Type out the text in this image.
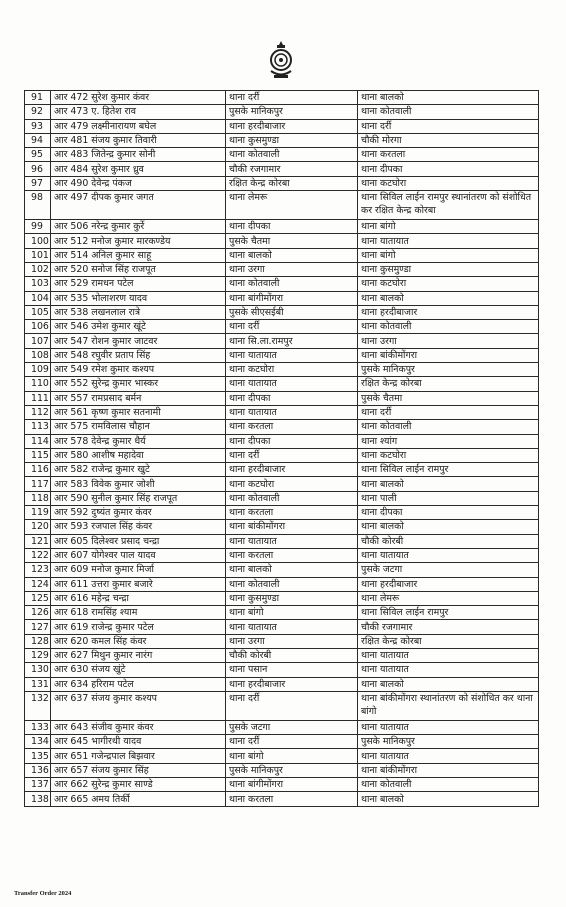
91	आर 472 सुरेश कुमार कंवर	थाना दर्री	थाना बालको
92	आर 473 ए. हितेश राव	पुसके मानिकपुर	थाना कोतवाली
93	आर 479 लक्ष्मीनारायण बघेल	थाना हरदीबाजार	थाना दर्री
94	आर 481 संजय कुमार तिवारी	थाना कुसमुण्डा	चौकी मोरगा
95	आर 483 जितेन्द्र कुमार सोनी	थाना कोतवाली	थाना करतला
96	आर 484 सुरेश कुमार ध्रुव	चौकी रजगामार	थाना दीपका
97	आर 490 देवेन्द्र पंकज	रक्षित केन्द्र कोरबा	थाना कटघोरा
98	आर 497 दीपक कुमार जगत	थाना लेमरू	थाना सिविल लाईन रामपुर स्थानांतरण को संशोधित कर रक्षित केन्द्र कोरबा
99	आर 506 नरेन्द्र कुमार कुर्रे	थाना दीपका	थाना बांगो
100	आर 512 मनोज कुमार मारकण्डेय	पुसके चैतमा	थाना यातायात
101	आर 514 अनिल कुमार साहू	थाना बालको	थाना बांगो
102	आर 520 सनोज सिंह राजपूत	थाना उरगा	थाना कुसमुण्डा
103	आर 529 रामधन पटेल	थाना कोतवाली	थाना कटघोरा
104	आर 535 भोलाशरण यादव	थाना बांगीमोंगरा	थाना बालको
105	आर 538 लखनलाल रात्रे	पुसके सीएसईबी	थाना हरदीबाजार
106	आर 546 उमेश कुमार खूंटे	थाना दर्री	थाना कोतवाली
107	आर 547 रोशन कुमार जाटवर	थाना सि.ला.रामपुर	थाना उरगा
108	आर 548 रघुवीर प्रताप सिंह	थाना यातायात	थाना बांकीमोंगरा
109	आर 549 रमेश कुमार कश्यप	थाना कटघोरा	पुसके मानिकपुर
110	आर 552 सुरेन्द्र कुमार भास्कर	थाना यातायात	रक्षित केन्द्र कोरबा
111	आर 557 रामप्रसाद बर्मन	थाना दीपका	पुसके चैतमा
112	आर 561 कृष्ण कुमार सतनामी	थाना यातायात	थाना दर्री
113	आर 575 रामविलास चौहान	थाना करतला	थाना कोतवाली
114	आर 578 देवेन्द्र कुमार धैर्य	थाना दीपका	थाना श्यांग
115	आर 580 आशीष महादेवा	थाना दर्री	थाना कटघोरा
116	आर 582 राजेन्द्र कुमार खुटे	थाना हरदीबाजार	थाना सिविल लाईन रामपुर
117	आर 583 विवेक कुमार जोशी	थाना कटघोरा	थाना बालको
118	आर 590 सुनील कुमार सिंह राजपूत	थाना कोतवाली	थाना पाली
119	आर 592 दुष्यंत कुमार कंवर	थाना करतला	थाना दीपका
120	आर 593 रजपाल सिंह कंवर	थाना बांकीमोंगरा	थाना बालको
121	आर 605 दिलेश्वर प्रसाद चन्द्रा	थाना यातायात	चौकी कोरबी
122	आर 607 योगेश्वर पाल यादव	थाना करतला	थाना यातायात
123	आर 609 मनोज कुमार मिर्जा	थाना बालको	पुसके जटगा
124	आर 611 उत्तरा कुमार बजारे	थाना कोतवाली	थाना हरदीबाजार
125	आर 616 महेन्द्र चन्द्रा	थाना कुसमुण्डा	थाना लेमरू
126	आर 618 रामसिंह श्याम	थाना बांगो	थाना सिविल लाईन रामपुर
127	आर 619 राजेन्द्र कुमार पटेल	थाना यातायात	चौकी रजगामार
128	आर 620 कमल सिंह कंवर	थाना उरगा	रक्षित केन्द्र कोरबा
129	आर 627 मिथुन कुमार नारंग	चौकी कोरबी	थाना यातायात
130	आर 630 संजय खुंटे	थाना पसान	थाना यातायात
131	आर 634 हरिराम पटेल	थाना हरदीबाजार	थाना बालको
132	आर 637 संजय कुमार कश्यप	थाना दर्री	थाना बांकीमोंगरा स्थानांतरण को संशोधित कर थाना बांगो
133	आर 643 संजीव कुमार कंवर	पुसके जटगा	थाना यातायात
134	आर 645 भागीरथी यादव	थाना दर्री	पुसके मानिकपुर
135	आर 651 गजेन्द्रपाल बिझवार	थाना बांगो	थाना यातायात
136	आर 657 संजय कुमार सिंह	पुसके मानिकपुर	थाना बांकीमोंगरा
137	आर 662 सुरेन्द्र कुमार साण्डे	थाना बांगीमोंगरा	थाना कोतवाली
138	आर 665 अमय तिर्की	थाना करतला	थाना बालको
Transfer Order 2024
